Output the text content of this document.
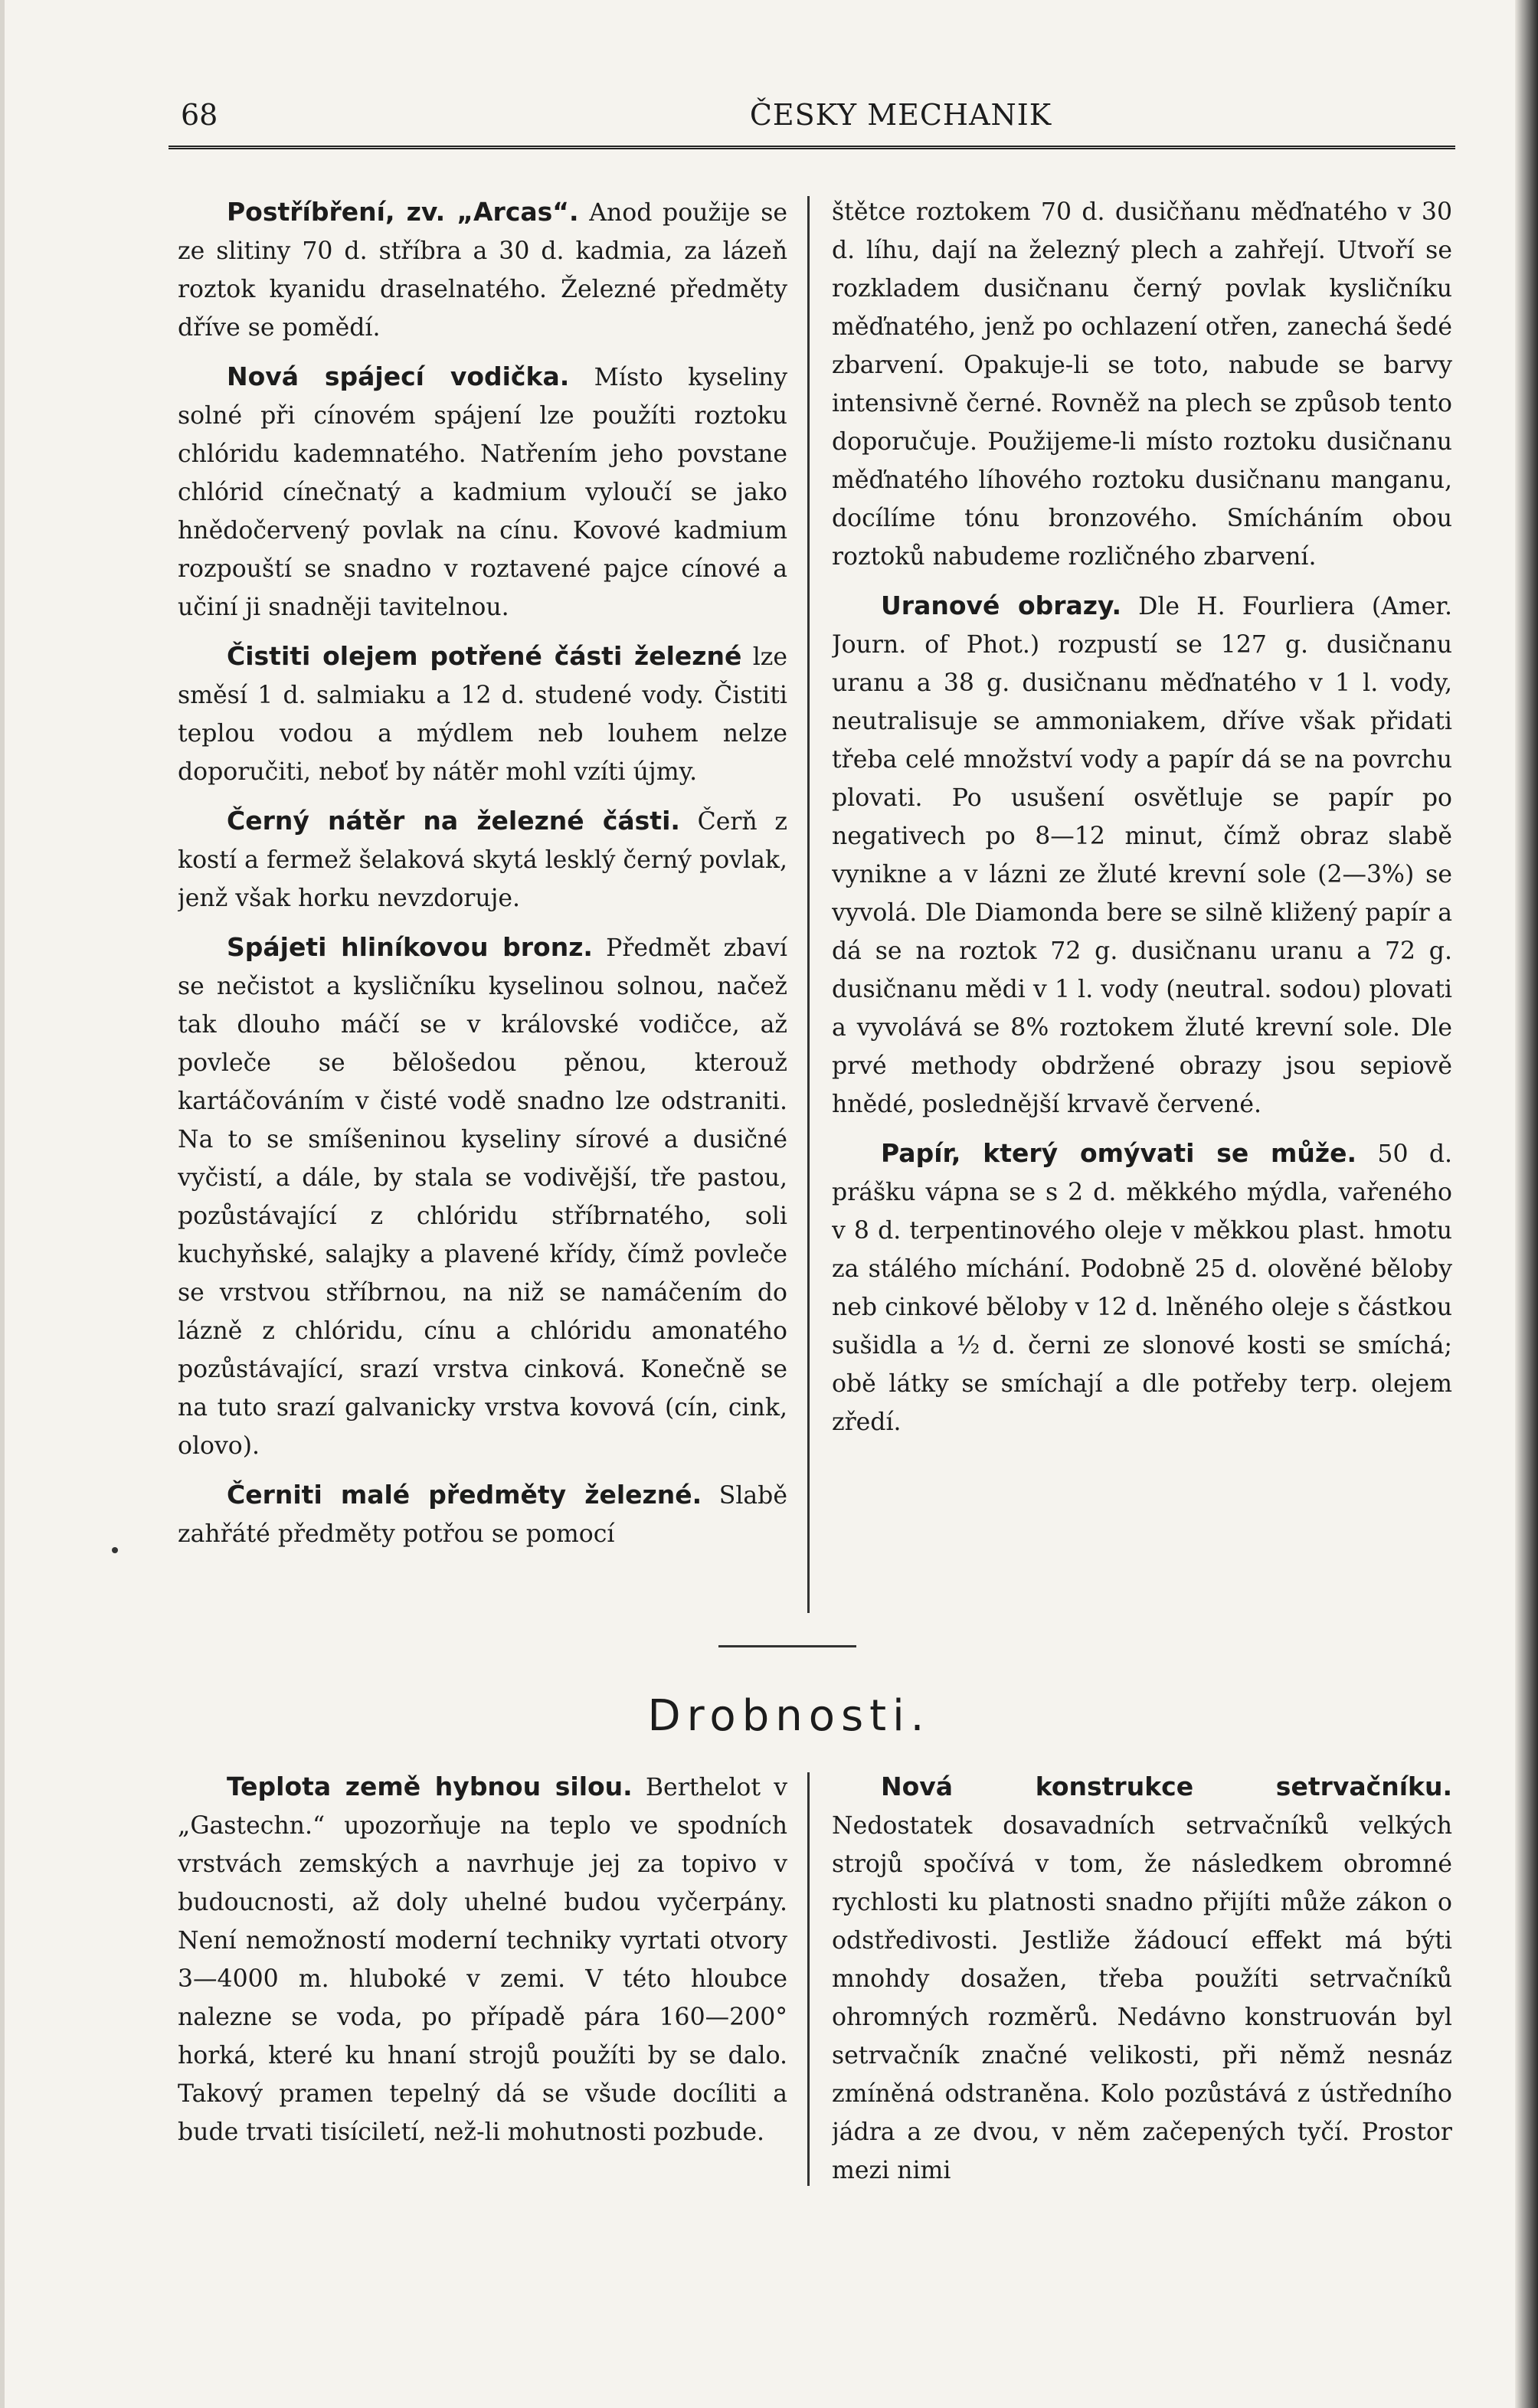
68	ČESKY MECHANIK

Postříbření, zv. „Arcas“. Anod použije se ze slitiny 70 d. stříbra a 30 d. kadmia, za lázeň roztok kyanidu draselnatého. Železné předměty dříve se pomědí.

Nová spájecí vodička. Místo kyseliny solné při cínovém spájení lze použíti roztoku chlóridu kademnatého. Natřením jeho povstane chlórid cínečnatý a kadmium vyloučí se jako hnědočervený povlak na cínu. Kovové kadmium rozpouští se snadno v roztavené pajce cínové a učiní ji snadněji tavitelnou.

Čistiti olejem potřené části železné lze směsí 1 d. salmiaku a 12 d. studené vody. Čistiti teplou vodou a mýdlem neb louhem nelze doporučiti, neboť by nátěr mohl vzíti újmy.

Černý nátěr na železné části. Čerň z kostí a fermež šelaková skytá lesklý černý povlak, jenž však horku nevzdoruje.

Spájeti hliníkovou bronz. Předmět zbaví se nečistot a kysličníku kyselinou solnou, načež tak dlouho máčí se v královské vodičce, až povleče se bělošedou pěnou, kterouž kartáčováním v čisté vodě snadno lze odstraniti. Na to se smíšeninou kyseliny sírové a dusičné vyčistí, a dále, by stala se vodivější, tře pastou, pozůstávající z chlóridu stříbrnatého, soli kuchyňské, salajky a plavené křídy, čímž povleče se vrstvou stříbrnou, na niž se namáčením do lázně z chlóridu, cínu a chlóridu amonatého pozůstávající, srazí vrstva cinková. Konečně se na tuto srazí galvanicky vrstva kovová (cín, cink, olovo).

Černiti malé předměty železné. Slabě zahřáté předměty potřou se pomocí

štětce roztokem 70 d. dusičňanu měďnatého v 30 d. líhu, dají na železný plech a zahřejí. Utvoří se rozkladem dusičnanu černý povlak kysličníku měďnatého, jenž po ochlazení otřen, zanechá šedé zbarvení. Opakuje-li se toto, nabude se barvy intensivně černé. Rovněž na plech se způsob tento doporučuje. Použijeme-li místo roztoku dusičnanu měďnatého líhového roztoku dusičnanu manganu, docílíme tónu bronzového. Smícháním obou roztoků nabudeme rozličného zbarvení.

Uranové obrazy. Dle H. Fourliera (Amer. Journ. of Phot.) rozpustí se 127 g. dusičnanu uranu a 38 g. dusičnanu měďnatého v 1 l. vody, neutralisuje se ammoniakem, dříve však přidati třeba celé množství vody a papír dá se na povrchu plovati. Po usušení osvětluje se papír po negativech po 8—12 minut, čímž obraz slabě vynikne a v lázni ze žluté krevní sole (2—3%) se vyvolá. Dle Diamonda bere se silně kližený papír a dá se na roztok 72 g. dusičnanu uranu a 72 g. dusičnanu mědi v 1 l. vody (neutral. sodou) plovati a vyvolává se 8% roztokem žluté krevní sole. Dle prvé methody obdržené obrazy jsou sepiově hnědé, poslednější krvavě červené.

Papír, který omývati se může. 50 d. prášku vápna se s 2 d. měkkého mýdla, vařeného v 8 d. terpentinového oleje v měkkou plast. hmotu za stálého míchání. Podobně 25 d. olověné běloby neb cinkové běloby v 12 d. lněného oleje s částkou sušidla a ½ d. černi ze slonové kosti se smíchá; obě látky se smíchají a dle potřeby terp. olejem zředí.

Drobnosti.

Teplota země hybnou silou. Berthelot v „Gastechn.“ upozorňuje na teplo ve spodních vrstvách zemských a navrhuje jej za topivo v budoucnosti, až doly uhelné budou vyčerpány. Není nemožností moderní techniky vyrtati otvory 3—4000 m. hluboké v zemi. V této hloubce nalezne se voda, po případě pára 160—200° horká, které ku hnaní strojů použíti by se dalo. Takový pramen tepelný dá se všude docíliti a bude trvati tisíciletí, než-li mohutnosti pozbude.

Nová konstrukce setrvačníku. Nedostatek dosavadních setrvačníků velkých strojů spočívá v tom, že následkem obromné rychlosti ku platnosti snadno přijíti může zákon o odstředivosti. Jestliže žádoucí effekt má býti mnohdy dosažen, třeba použíti setrvačníků ohromných rozměrů. Nedávno konstruován byl setrvačník značné velikosti, při němž nesnáz zmíněná odstraněna. Kolo pozůstává z ústředního jádra a ze dvou, v něm začepených tyčí. Prostor mezi nimi
